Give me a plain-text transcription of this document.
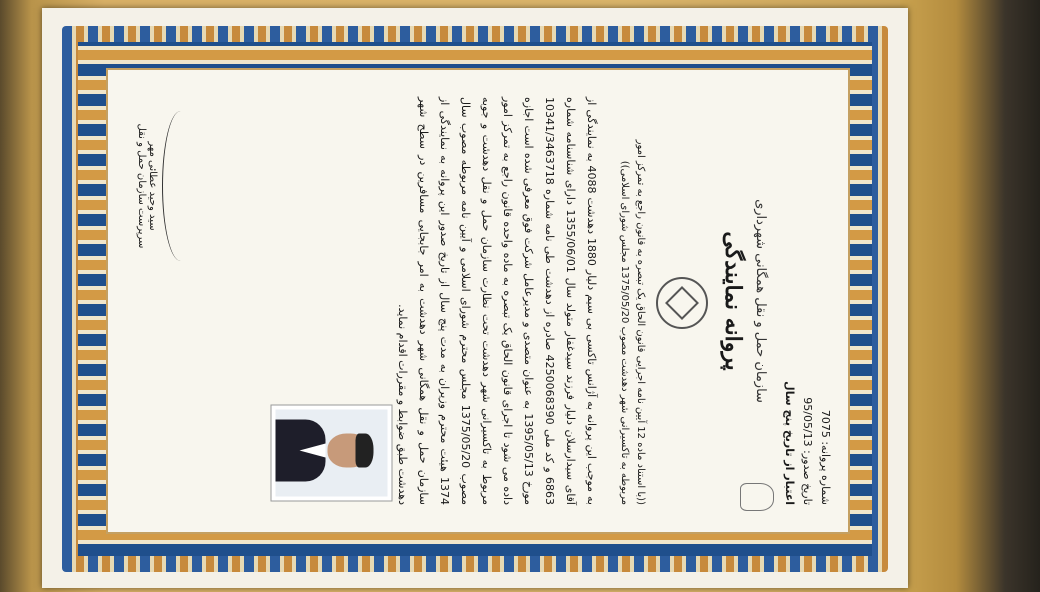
شماره پروانه: 7075
تاریخ صدور: 95/05/13
اعتبار از تاریخ پنج سال
سازمان حمل و نقل همگانی شهرداری
پروانه نمایندگی
((با استناد ماده 12 آیین نامه اجرایی قانون الحاق یک تبصره به قانون راجع به تمرکز امور
مربوطه به تاکسیرانی شهر دهدشت مصوب 1375/05/20 مجلس شورای اسلامی))
به موجب این پروانه به آژانس تاکسی بی سیم دلیار 1880 دهدشت 4088 به نمایندگی از آقای سیدارسلان دلیار فرزند سیدغفار متولد سال 1355/06/01 دارای شناسنامه شماره 6863 و کد ملی 4250068390 صادره از دهدشت طی نامه شماره 10341/3463718 مورخ 1395/05/13 به عنوان متصدی و مدیرعامل شرکت فوق معرفی شده است اجازه داده می شود تا اجرای قانون الحاق یک تبصره به ماده واحده قانون راجع به تمرکز امور مربوط به تاکسیرانی شهر دهدشت تحت نظارت سازمان حمل و نقل دهدشت و جوبه مصوب 1375/05/20 مجلس محترم شورای اسلامی و آیین نامه مربوطه مصوب سال 1374 هیئت محترم وزیران به مدت پنج سال از تاریخ صدور این پروانه به نمایندگی از سازمان حمل و نقل همگانی شهر دهدشت به امر جابجایی مسافرین در سطح شهر دهدشت طبق ضوابط و مقررات اقدام نماید.
سید وحید عطائی مهر
سرپرست سازمان حمل و نقل
